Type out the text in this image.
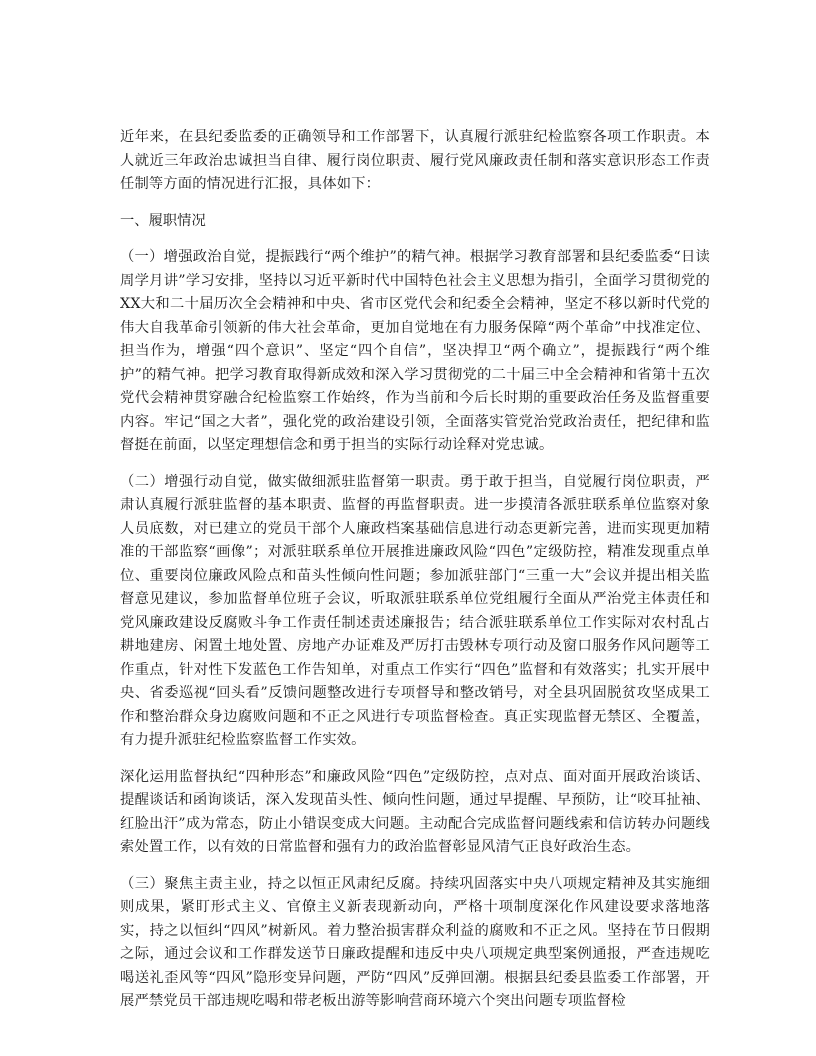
近年来，在县纪委监委的正确领导和工作部署下，认真履行派驻纪检监察各项工作职责。本人就近三年政治忠诚担当自律、履行岗位职责、履行党风廉政责任制和落实意识形态工作责任制等方面的情况进行汇报，具体如下：

一、履职情况

（一）增强政治自觉，提振践行“两个维护”的精气神。根据学习教育部署和县纪委监委“日读周学月讲”学习安排，坚持以习近平新时代中国特色社会主义思想为指引，全面学习贯彻党的XX大和二十届历次全会精神和中央、省市区党代会和纪委全会精神，坚定不移以新时代党的伟大自我革命引领新的伟大社会革命，更加自觉地在有力服务保障“两个革命”中找准定位、担当作为，增强“四个意识”、坚定“四个自信”，坚决捍卫“两个确立”，提振践行“两个维护”的精气神。把学习教育取得新成效和深入学习贯彻党的二十届三中全会精神和省第十五次党代会精神贯穿融合纪检监察工作始终，作为当前和今后长时期的重要政治任务及监督重要内容。牢记“国之大者”，强化党的政治建设引领，全面落实管党治党政治责任，把纪律和监督挺在前面，以坚定理想信念和勇于担当的实际行动诠释对党忠诚。

（二）增强行动自觉，做实做细派驻监督第一职责。勇于敢于担当，自觉履行岗位职责，严肃认真履行派驻监督的基本职责、监督的再监督职责。进一步摸清各派驻联系单位监察对象人员底数，对已建立的党员干部个人廉政档案基础信息进行动态更新完善，进而实现更加精准的干部监察“画像”；对派驻联系单位开展推进廉政风险“四色”定级防控，精准发现重点单位、重要岗位廉政风险点和苗头性倾向性问题；参加派驻部门“三重一大”会议并提出相关监督意见建议，参加监督单位班子会议，听取派驻联系单位党组履行全面从严治党主体责任和党风廉政建设反腐败斗争工作责任制述责述廉报告；结合派驻联系单位工作实际对农村乱占耕地建房、闲置土地处置、房地产办证难及严厉打击毁林专项行动及窗口服务作风问题等工作重点，针对性下发蓝色工作告知单，对重点工作实行“四色”监督和有效落实；扎实开展中央、省委巡视“回头看”反馈问题整改进行专项督导和整改销号，对全县巩固脱贫攻坚成果工作和整治群众身边腐败问题和不正之风进行专项监督检查。真正实现监督无禁区、全覆盖，有力提升派驻纪检监察监督工作实效。

深化运用监督执纪“四种形态”和廉政风险“四色”定级防控，点对点、面对面开展政治谈话、提醒谈话和函询谈话，深入发现苗头性、倾向性问题，通过早提醒、早预防，让“咬耳扯袖、红脸出汗”成为常态，防止小错误变成大问题。主动配合完成监督问题线索和信访转办问题线索处置工作，以有效的日常监督和强有力的政治监督彰显风清气正良好政治生态。

（三）聚焦主责主业，持之以恒正风肃纪反腐。持续巩固落实中央八项规定精神及其实施细则成果，紧盯形式主义、官僚主义新表现新动向，严格十项制度深化作风建设要求落地落实，持之以恒纠“四风”树新风。着力整治损害群众利益的腐败和不正之风。坚持在节日假期之际，通过会议和工作群发送节日廉政提醒和违反中央八项规定典型案例通报，严查违规吃喝送礼歪风等“四风”隐形变异问题，严防“四风”反弹回潮。根据县纪委县监委工作部署，开展严禁党员干部违规吃喝和带老板出游等影响营商环境六个突出问题专项监督检
